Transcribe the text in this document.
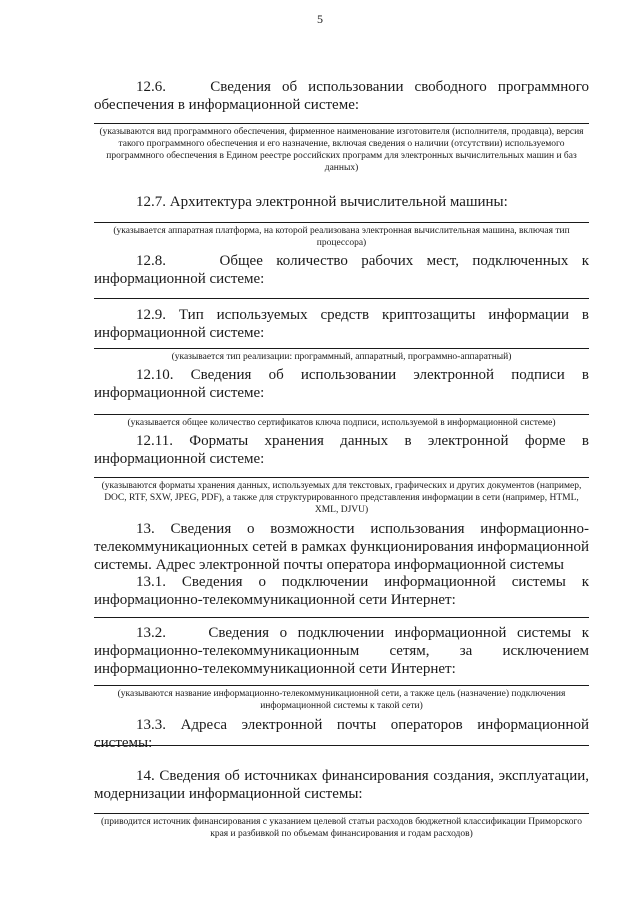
5

12.6.    Сведения об использовании свободного программного обеспечения в информационной системе:

(указываются вид программного обеспечения, фирменное наименование изготовителя (исполнителя, продавца), версия такого программного обеспечения и его назначение, включая сведения о наличии (отсутствии) используемого программного обеспечения в Едином реестре российских программ для электронных вычислительных машин и баз данных)

12.7. Архитектура электронной вычислительной машины:

(указывается аппаратная платформа, на которой реализована электронная вычислительная машина, включая тип процессора)

12.8.    Общее количество рабочих мест, подключенных к информационной системе:

12.9. Тип используемых средств криптозащиты информации в информационной системе:

(указывается тип реализации: программный, аппаратный, программно-аппаратный)

12.10. Сведения об использовании электронной подписи в информационной системе:

(указывается общее количество сертификатов ключа подписи, используемой в информационной системе)

12.11. Форматы хранения данных в электронной форме в информационной системе:

(указываются форматы хранения данных, используемых для текстовых, графических и других документов (например, DOC, RTF, SXW, JPEG, PDF), а также для структурированного представления информации в сети (например, HTML, XML, DJVU)

13. Сведения о возможности использования информационно-телекоммуникационных сетей в рамках функционирования информационной системы. Адрес электронной почты оператора информационной системы

13.1. Сведения о подключении информационной системы к информационно-телекоммуникационной сети Интернет:

13.2.    Сведения о подключении информационной системы к информационно-телекоммуникационным сетям, за исключением информационно-телекоммуникационной сети Интернет:

(указываются название информационно-телекоммуникационной сети, а также цель (назначение) подключения информационной системы к такой сети)

13.3. Адреса электронной почты операторов информационной системы:

14. Сведения об источниках финансирования создания, эксплуатации, модернизации информационной системы:

(приводится источник финансирования с указанием целевой статьи расходов бюджетной классификации Приморского края и разбивкой по объемам финансирования и годам расходов)
